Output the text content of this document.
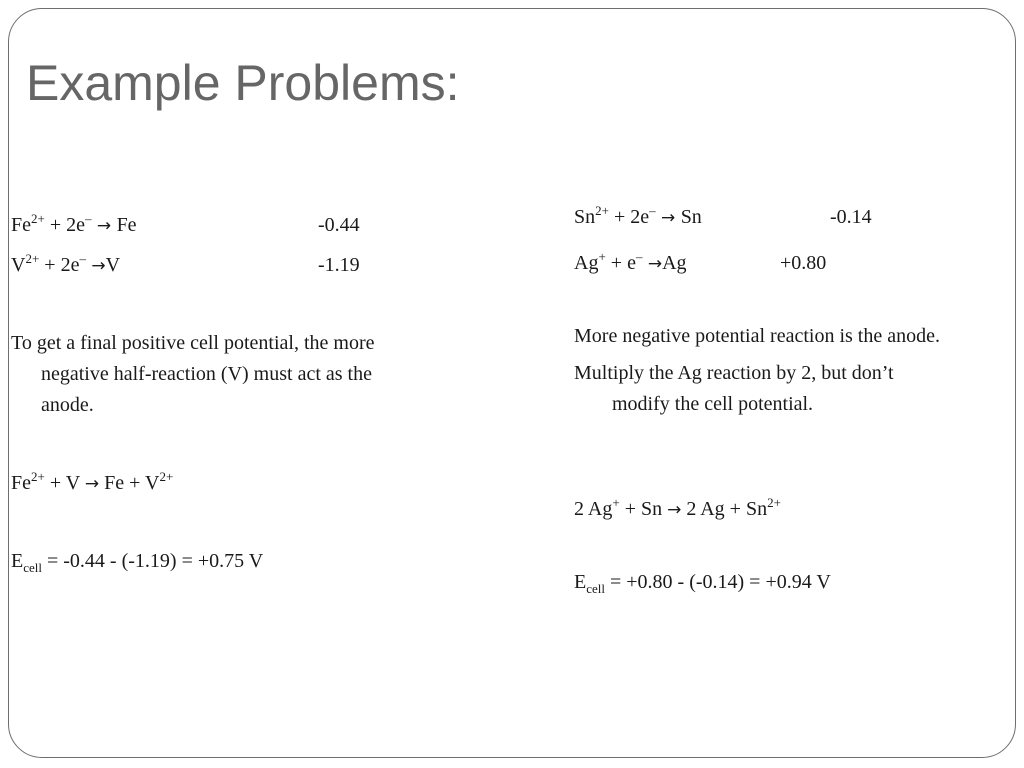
Example Problems:
$Fe^{2+} + 2e^- \to Fe$	-0.44
$V^{2+} + 2e^- \to V$	-1.19
To get a final positive cell potential, the more negative half-reaction (V) must act as the anode.
$Fe^{2+} + V \to Fe + V^{2+}$
$E_{cell} = -0.44 - (-1.19) = +0.75$ V
$Sn^{2+} + 2e^- \to Sn$	-0.14
Ag+ + e– →Ag	+0.80
More negative potential reaction is the anode.
Multiply the Ag reaction by 2, but don’t modify the cell potential.
2 Ag+ + Sn → 2 $Ag + Sn^{2+}$
$E_{cell} = +0.80 - (-0.14) = +0.94$ V
